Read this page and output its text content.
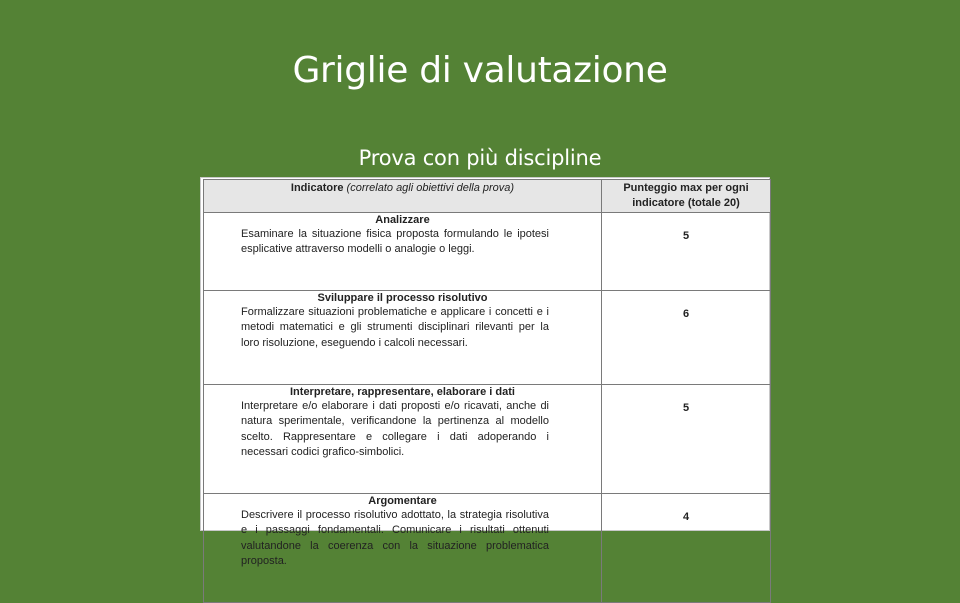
Griglie di valutazione
Prova con più discipline
Indicatore (correlato agli obiettivi della prova)	Punteggio max per ogni
indicatore (totale 20)

Analizzare
Esaminare la situazione fisica proposta formulando le ipotesi esplicative attraverso modelli o analogie o leggi.	5

Sviluppare il processo risolutivo
Formalizzare situazioni problematiche e applicare i concetti e i metodi matematici e gli strumenti disciplinari rilevanti per la loro risoluzione, eseguendo i calcoli necessari.	6

Interpretare, rappresentare, elaborare i dati
Interpretare e/o elaborare i dati proposti e/o ricavati, anche di natura sperimentale, verificandone la pertinenza al modello scelto. Rappresentare e collegare i dati adoperando i necessari codici grafico-simbolici.	5

Argomentare
Descrivere il processo risolutivo adottato, la strategia risolutiva e i passaggi fondamentali. Comunicare i risultati ottenuti valutandone la coerenza con la situazione problematica proposta.	4
